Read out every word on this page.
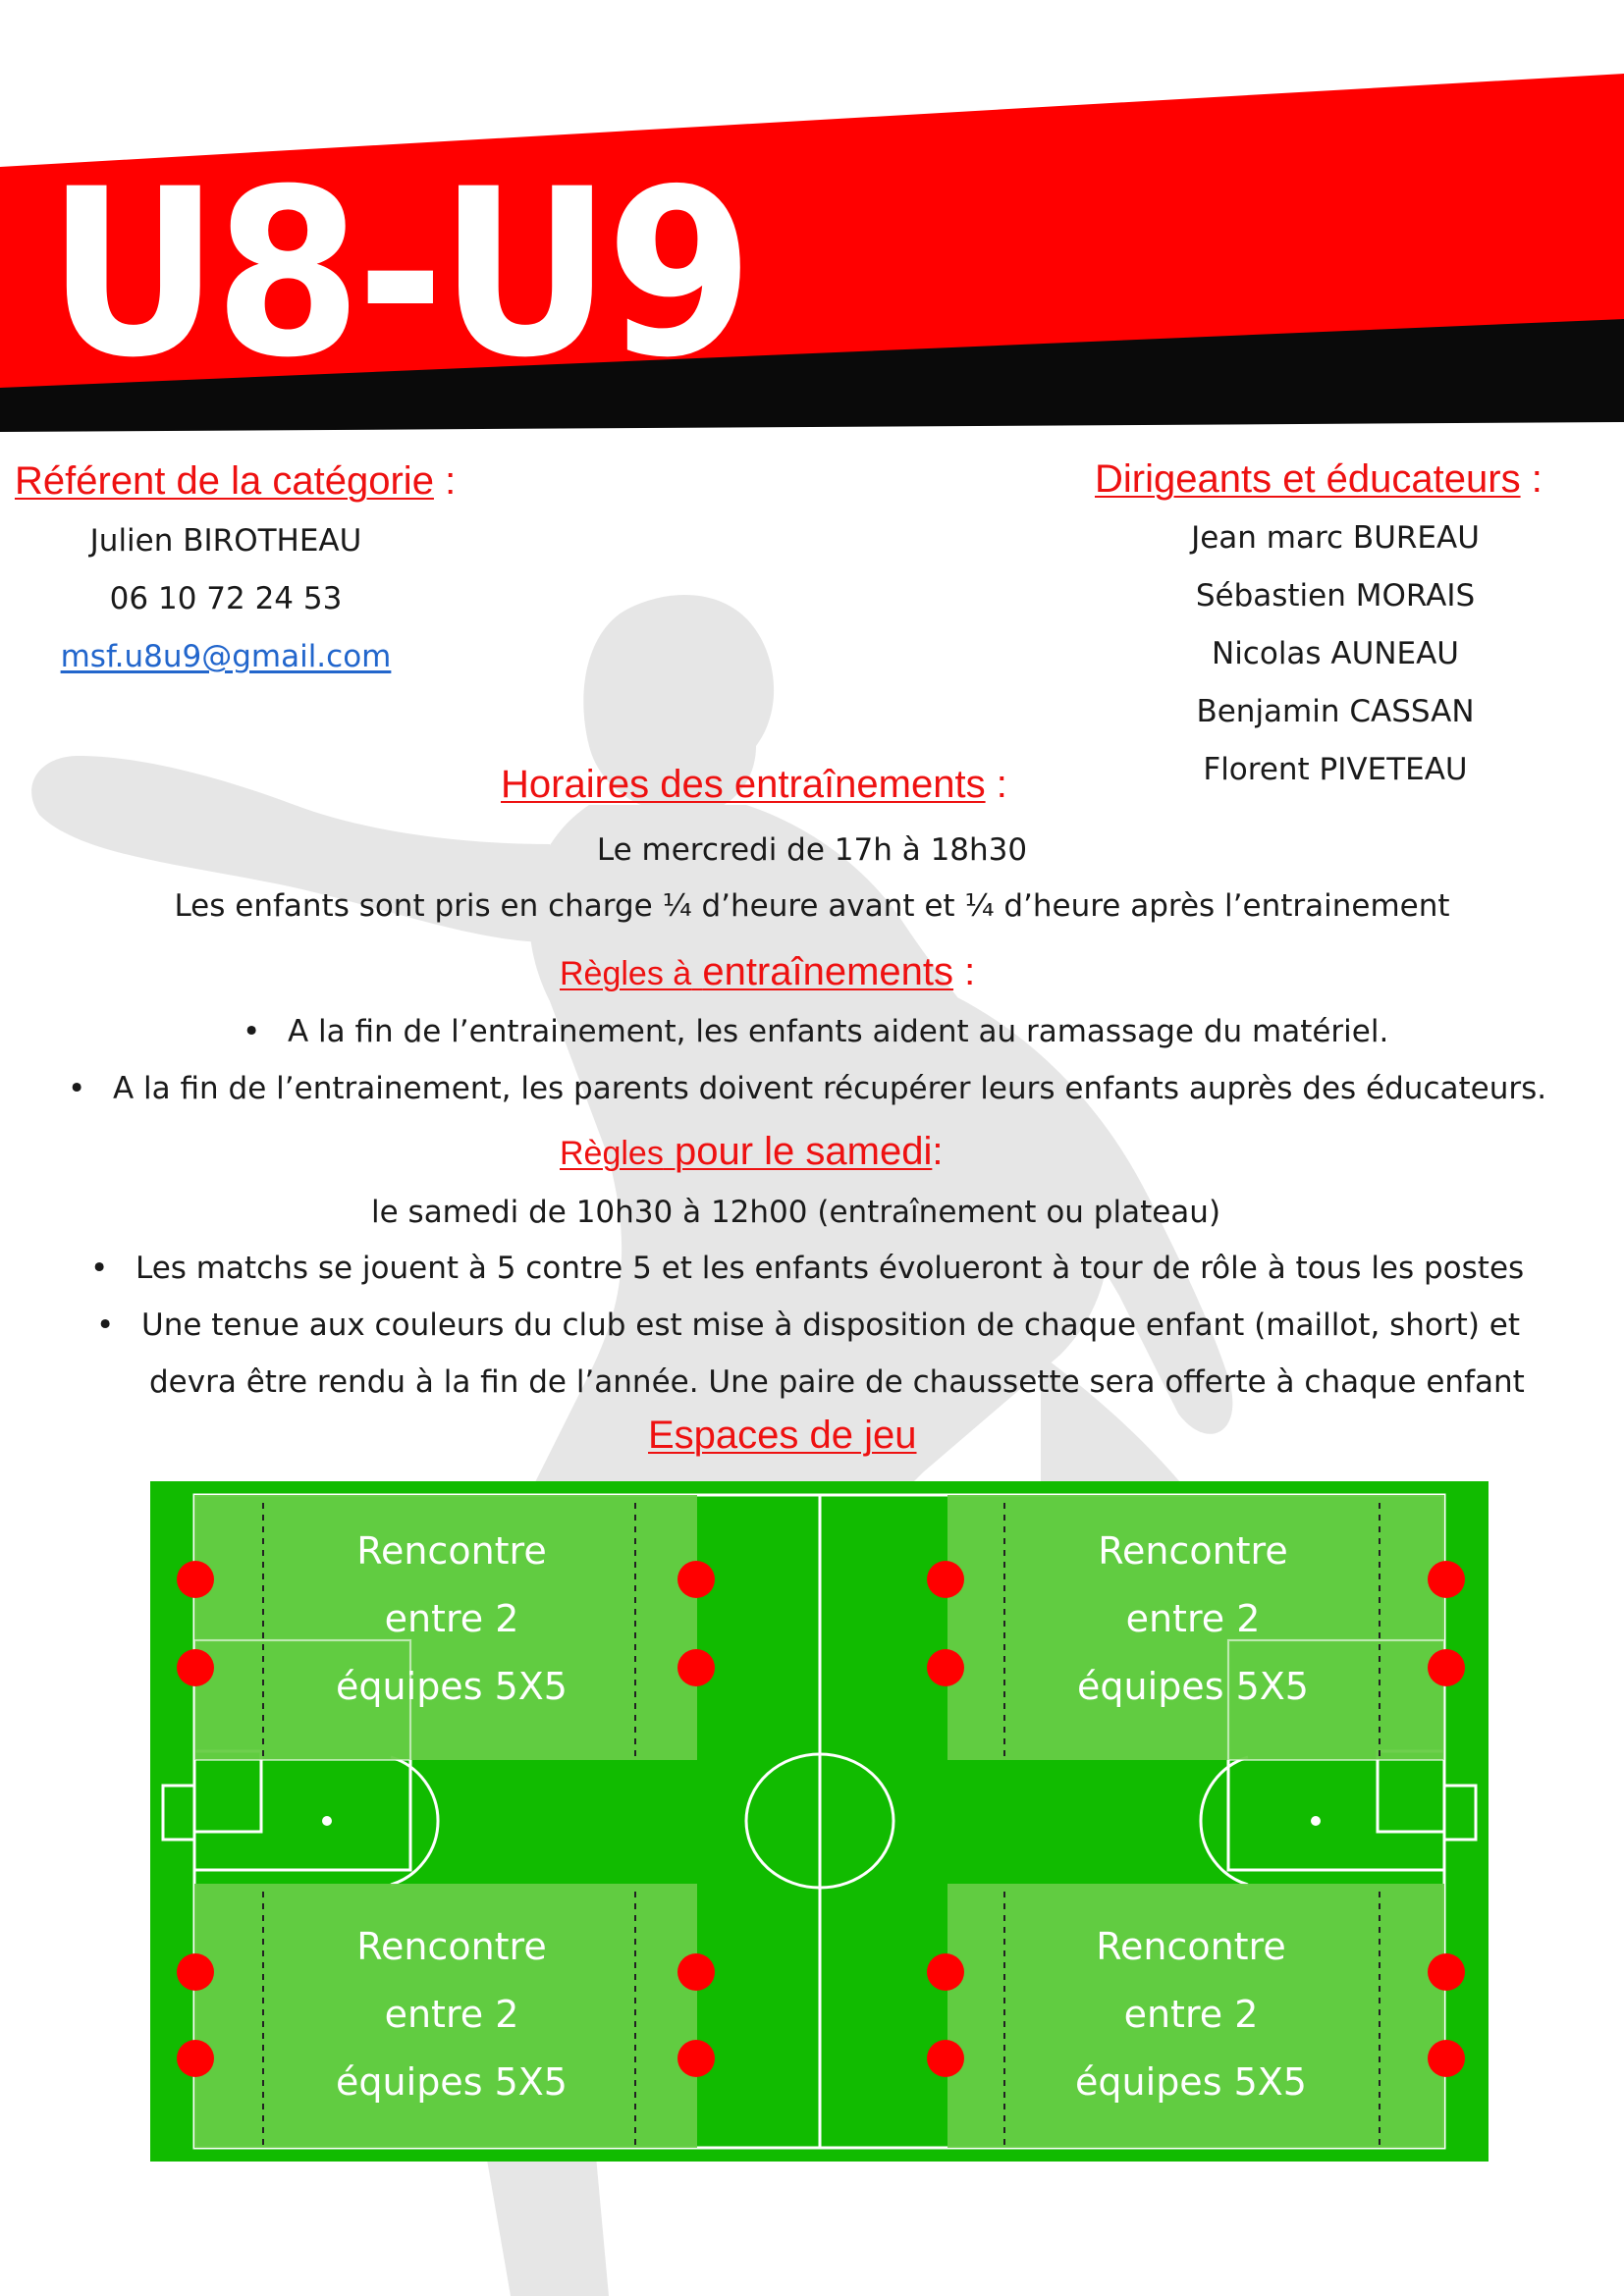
U8-U9
Référent de la catégorie :
Julien BIROTHEAU
06 10 72 24 53
msf.u8u9@gmail.com
Dirigeants et éducateurs :
Jean marc BUREAU
Sébastien MORAIS
Nicolas AUNEAU
Benjamin CASSAN
Florent PIVETEAU
Horaires des entraînements :
Le mercredi de 17h à 18h30
Les enfants sont pris en charge ¼ d’heure avant et ¼ d’heure après l’entrainement
Règles à entraînements :
• A la fin de l’entrainement, les enfants aident au ramassage du matériel.
• A la fin de l’entrainement, les parents doivent récupérer leurs enfants auprès des éducateurs.
Règles pour le samedi:
le samedi de 10h30 à 12h00 (entraînement ou plateau)
• Les matchs se jouent à 5 contre 5 et les enfants évolueront à tour de rôle à tous les postes
• Une tenue aux couleurs du club est mise à disposition de chaque enfant (maillot, short) et
devra être rendu à la fin de l’année. Une paire de chaussette sera offerte à chaque enfant
Espaces de jeu
Rencontre
entre 2
équipes 5X5
Rencontre
entre 2
équipes 5X5
Rencontre
entre 2
équipes 5X5
Rencontre
entre 2
équipes 5X5
